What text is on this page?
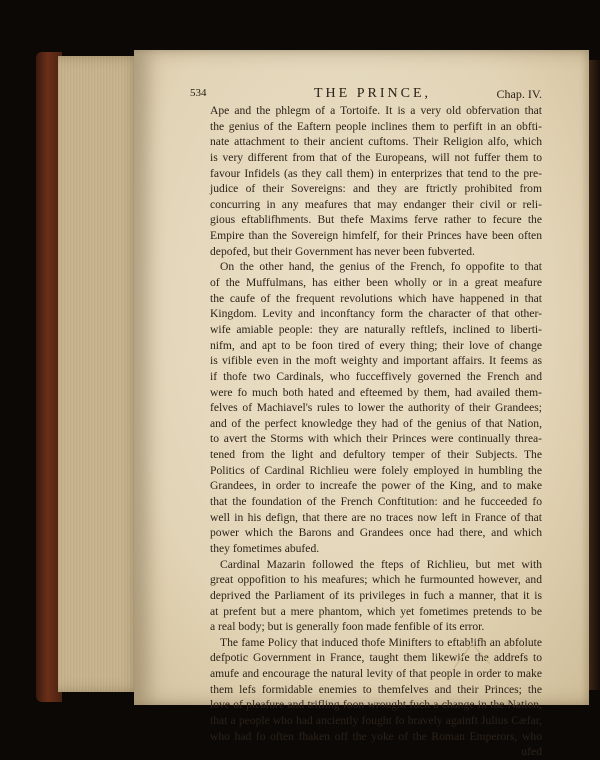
534	THE PRINCE,	Chap. IV.
Ape and the phlegm of a Tortoife. It is a very old obfervation that
the genius of the Eaftern people inclines them to perfift in an obfti-
nate attachment to their ancient cuftoms. Their Religion alfo, which
is very different from that of the Europeans, will not fuffer them to
favour Infidels (as they call them) in enterprizes that tend to the pre-
judice of their Sovereigns: and they are ftrictly prohibited from
concurring in any meafures that may endanger their civil or reli-
gious eftablifhments. But thefe Maxims ferve rather to fecure the
Empire than the Sovereign himfelf, for their Princes have been often
depofed, but their Government has never been fubverted.
On the other hand, the genius of the French, fo oppofite to that
of the Muffulmans, has either been wholly or in a great meafure
the caufe of the frequent revolutions which have happened in that
Kingdom. Levity and inconftancy form the character of that other-
wife amiable people: they are naturally reftlefs, inclined to liberti-
nifm, and apt to be foon tired of every thing; their love of change
is vifible even in the moft weighty and important affairs. It feems as
if thofe two Cardinals, who fucceffively governed the French and
were fo much both hated and efteemed by them, had availed them-
felves of Machiavel's rules to lower the authority of their Grandees;
and of the perfect knowledge they had of the genius of that Nation,
to avert the Storms with which their Princes were continually threa-
tened from the light and defultory temper of their Subjects. The
Politics of Cardinal Richlieu were folely employed in humbling the
Grandees, in order to increafe the power of the King, and to make
that the foundation of the French Conftitution: and he fucceeded fo
well in his defign, that there are no traces now left in France of that
power which the Barons and Grandees once had there, and which
they fometimes abufed.
Cardinal Mazarin followed the fteps of Richlieu, but met with
great oppofition to his meafures; which he furmounted however, and
deprived the Parliament of its privileges in fuch a manner, that it is
at prefent but a mere phantom, which yet fometimes pretends to be
a real body; but is generally foon made fenfible of its error.
The fame Policy that induced thofe Minifters to eftablifh an abfolute
defpotic Government in France, taught them likewife the addrefs to
amufe and encourage the natural levity of that people in order to make
them lefs formidable enemies to themfelves and their Princes; the
love of pleafure and trifling foon wrought fuch a change in the Nation,
that a people who had anciently fought fo bravely againft Julius Cæfar,
who had fo often fhaken off the yoke of the Roman Emperors, who
ufed
